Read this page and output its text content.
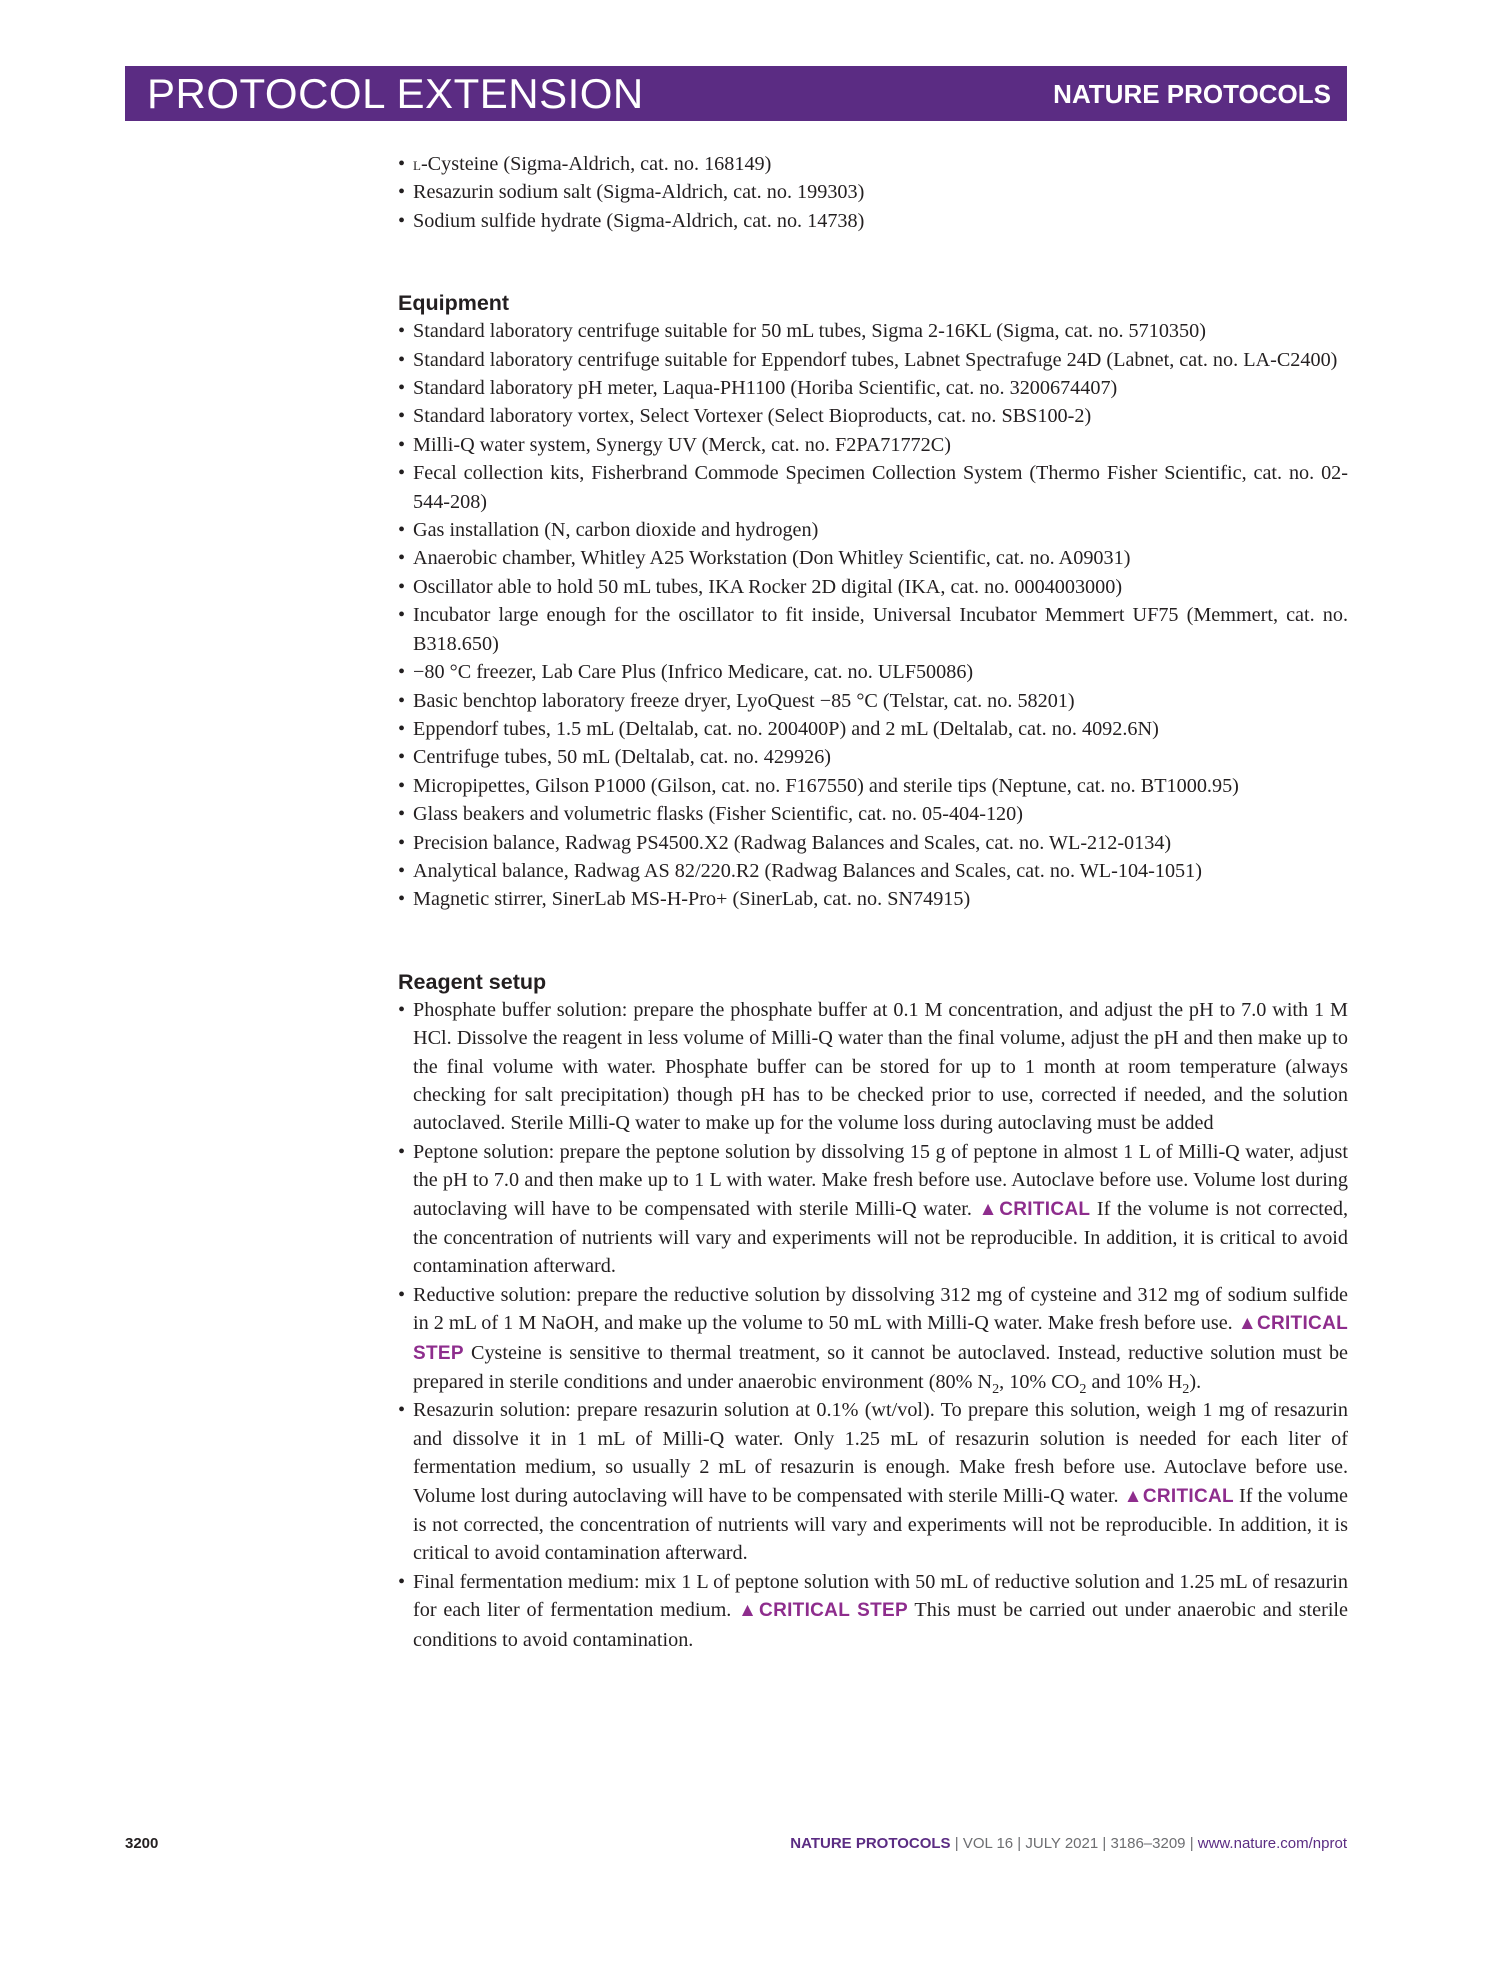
PROTOCOL EXTENSION	NATURE PROTOCOLS
• l-Cysteine (Sigma-Aldrich, cat. no. 168149)
• Resazurin sodium salt (Sigma-Aldrich, cat. no. 199303)
• Sodium sulfide hydrate (Sigma-Aldrich, cat. no. 14738)
Equipment
• Standard laboratory centrifuge suitable for 50 mL tubes, Sigma 2-16KL (Sigma, cat. no. 5710350)
• Standard laboratory centrifuge suitable for Eppendorf tubes, Labnet Spectrafuge 24D (Labnet, cat. no. LA-C2400)
• Standard laboratory pH meter, Laqua-PH1100 (Horiba Scientific, cat. no. 3200674407)
• Standard laboratory vortex, Select Vortexer (Select Bioproducts, cat. no. SBS100-2)
• Milli-Q water system, Synergy UV (Merck, cat. no. F2PA71772C)
• Fecal collection kits, Fisherbrand Commode Specimen Collection System (Thermo Fisher Scientific, cat. no. 02-544-208)
• Gas installation (N, carbon dioxide and hydrogen)
• Anaerobic chamber, Whitley A25 Workstation (Don Whitley Scientific, cat. no. A09031)
• Oscillator able to hold 50 mL tubes, IKA Rocker 2D digital (IKA, cat. no. 0004003000)
• Incubator large enough for the oscillator to fit inside, Universal Incubator Memmert UF75 (Memmert, cat. no. B318.650)
• −80 °C freezer, Lab Care Plus (Infrico Medicare, cat. no. ULF50086)
• Basic benchtop laboratory freeze dryer, LyoQuest −85 °C (Telstar, cat. no. 58201)
• Eppendorf tubes, 1.5 mL (Deltalab, cat. no. 200400P) and 2 mL (Deltalab, cat. no. 4092.6N)
• Centrifuge tubes, 50 mL (Deltalab, cat. no. 429926)
• Micropipettes, Gilson P1000 (Gilson, cat. no. F167550) and sterile tips (Neptune, cat. no. BT1000.95)
• Glass beakers and volumetric flasks (Fisher Scientific, cat. no. 05-404-120)
• Precision balance, Radwag PS4500.X2 (Radwag Balances and Scales, cat. no. WL-212-0134)
• Analytical balance, Radwag AS 82/220.R2 (Radwag Balances and Scales, cat. no. WL-104-1051)
• Magnetic stirrer, SinerLab MS-H-Pro+ (SinerLab, cat. no. SN74915)
Reagent setup
• Phosphate buffer solution: prepare the phosphate buffer at 0.1 M concentration, and adjust the pH to 7.0 with 1 M HCl. Dissolve the reagent in less volume of Milli-Q water than the final volume, adjust the pH and then make up to the final volume with water. Phosphate buffer can be stored for up to 1 month at room temperature (always checking for salt precipitation) though pH has to be checked prior to use, corrected if needed, and the solution autoclaved. Sterile Milli-Q water to make up for the volume loss during autoclaving must be added
• Peptone solution: prepare the peptone solution by dissolving 15 g of peptone in almost 1 L of Milli-Q water, adjust the pH to 7.0 and then make up to 1 L with water. Make fresh before use. Autoclave before use. Volume lost during autoclaving will have to be compensated with sterile Milli-Q water. ▲CRITICAL If the volume is not corrected, the concentration of nutrients will vary and experiments will not be reproducible. In addition, it is critical to avoid contamination afterward.
• Reductive solution: prepare the reductive solution by dissolving 312 mg of cysteine and 312 mg of sodium sulfide in 2 mL of 1 M NaOH, and make up the volume to 50 mL with Milli-Q water. Make fresh before use. ▲CRITICAL STEP Cysteine is sensitive to thermal treatment, so it cannot be autoclaved. Instead, reductive solution must be prepared in sterile conditions and under anaerobic environment (80% $N_2$, 10% $CO_2$ and 10% $H_2$).
• Resazurin solution: prepare resazurin solution at 0.1% (wt/vol). To prepare this solution, weigh 1 mg of resazurin and dissolve it in 1 mL of Milli-Q water. Only 1.25 mL of resazurin solution is needed for each liter of fermentation medium, so usually 2 mL of resazurin is enough. Make fresh before use. Autoclave before use. Volume lost during autoclaving will have to be compensated with sterile Milli-Q water. ▲CRITICAL If the volume is not corrected, the concentration of nutrients will vary and experiments will not be reproducible. In addition, it is critical to avoid contamination afterward.
• Final fermentation medium: mix 1 L of peptone solution with 50 mL of reductive solution and 1.25 mL of resazurin for each liter of fermentation medium. ▲CRITICAL STEP This must be carried out under anaerobic and sterile conditions to avoid contamination.
3200	NATURE PROTOCOLS | VOL 16 | JULY 2021 | 3186–3209 | www.nature.com/nprot
